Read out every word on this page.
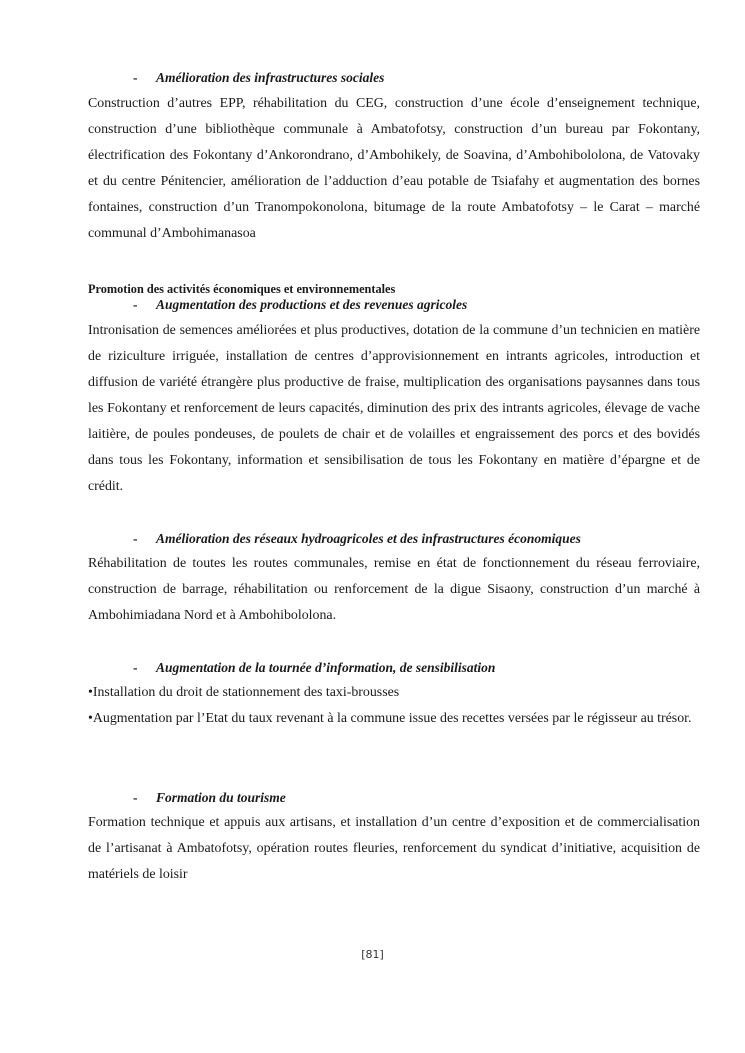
- Amélioration des infrastructures sociales

Construction d’autres EPP, réhabilitation du CEG, construction d’une école d’enseignement technique, construction d’une bibliothèque communale à Ambatofotsy, construction d’un bureau par Fokontany, électrification des Fokontany d’Ankorondrano, d’Ambohikely, de Soavina, d’Ambohibololona, de Vatovaky et du centre Pénitencier, amélioration de l’adduction d’eau potable de Tsiafahy et augmentation des bornes fontaines, construction d’un Tranompokonolona, bitumage de la route Ambatofotsy – le Carat – marché communal d’Ambohimanasoa

Promotion des activités économiques et environnementales

- Augmentation des productions et des revenues agricoles

Intronisation de semences améliorées et plus productives, dotation de la commune d’un technicien en matière de riziculture irriguée, installation de centres d’approvisionnement en intrants agricoles, introduction et diffusion de variété étrangère plus productive de fraise, multiplication des organisations paysannes dans tous les Fokontany et renforcement de leurs capacités, diminution des prix des intrants agricoles, élevage de vache laitière, de poules pondeuses, de poulets de chair et de volailles et engraissement des porcs et des bovidés dans tous les Fokontany, information et sensibilisation de tous les Fokontany en matière d’épargne et de crédit.

- Amélioration des réseaux hydroagricoles et des infrastructures économiques

Réhabilitation de toutes les routes communales, remise en état de fonctionnement du réseau ferroviaire, construction de barrage, réhabilitation ou renforcement de la digue Sisaony, construction d’un marché à Ambohimiadana Nord et à Ambohibololona.

- Augmentation de la tournée d’information, de sensibilisation

•Installation du droit de stationnement des taxi-brousses

•Augmentation par l’Etat du taux revenant à la commune issue des recettes versées par le régisseur au trésor.

- Formation du tourisme

Formation technique et appuis aux artisans, et installation d’un centre d’exposition et de commercialisation de l’artisanat à Ambatofotsy, opération routes fleuries, renforcement du syndicat d’initiative, acquisition de matériels de loisir

[81]
